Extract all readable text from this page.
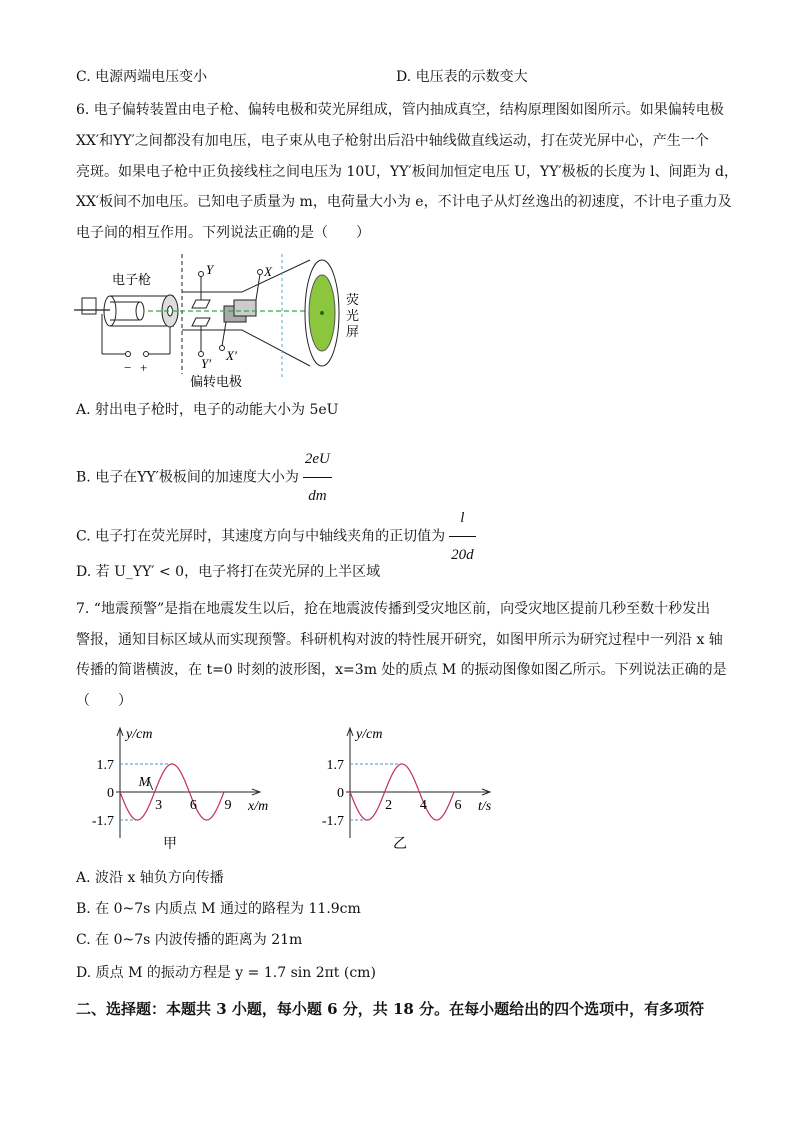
C. 电源两端电压变小	D. 电压表的示数变大
6. 电子偏转装置由电子枪、偏转电极和荧光屏组成，管内抽成真空，结构原理图如图所示。如果偏转电极
XX′和YY′之间都没有加电压，电子束从电子枪射出后沿中轴线做直线运动，打在荧光屏中心，产生一个
亮斑。如果电子枪中正负接线柱之间电压为 10U，YY′板间加恒定电压 U，YY′极板的长度为 l、间距为 d，
XX′板间不加电压。已知电子质量为 m，电荷量大小为 e，不计电子从灯丝逸出的初速度，不计电子重力及
电子间的相互作用。下列说法正确的是（　　）
− +
电子枪
Y
Y′
X
X′
荧
光
屏
偏转电极
A. 射出电子枪时，电子的动能大小为 5eU
B. 电子在YY′极板间的加速度大小为 $\frac{2eU}{dm}$
C. 电子打在荧光屏时，其速度方向与中轴线夹角的正切值为 $\frac{l}{20d}$
D. 若 U_YY′ < 0，电子将打在荧光屏的上半区域
7. “地震预警”是指在地震发生以后，抢在地震波传播到受灾地区前，向受灾地区提前几秒至数十秒发出
警报，通知目标区域从而实现预警。科研机构对波的特性展开研究，如图甲所示为研究过程中一列沿 x 轴
传播的简谐横波，在 t=0 时刻的波形图，x=3m 处的质点 M 的振动图像如图乙所示。下列说法正确的是
（　　）
1.7
0
-1.7
3 6 9
y/cm
x/m
M
甲
1.7
0
-1.7
2 4 6
y/cm
t/s
乙
A. 波沿 x 轴负方向传播
B. 在 0~7s 内质点 M 通过的路程为 11.9cm
C. 在 0~7s 内波传播的距离为 21m
D. 质点 M 的振动方程是 y = 1.7 sin 2πt (cm)
二、选择题：本题共 3 小题，每小题 6 分，共 18 分。在每小题给出的四个选项中，有多项符
